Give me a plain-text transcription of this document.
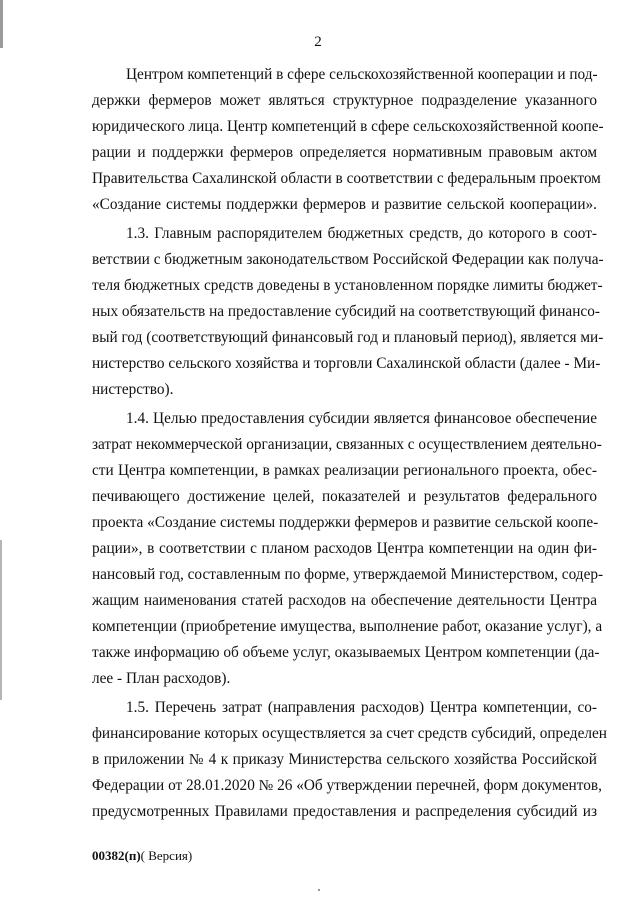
2
Центром компетенций в сфере сельскохозяйственной кооперации и под-
держки фермеров может являться структурное подразделение указанного
юридического лица. Центр компетенций в сфере сельскохозяйственной коопе-
рации и поддержки фермеров определяется нормативным правовым актом
Правительства Сахалинской области в соответствии с федеральным проектом
«Создание системы поддержки фермеров и развитие сельской кооперации».
1.3. Главным распорядителем бюджетных средств, до которого в соот-
ветствии с бюджетным законодательством Российской Федерации как получа-
теля бюджетных средств доведены в установленном порядке лимиты бюджет-
ных обязательств на предоставление субсидий на соответствующий финансо-
вый год (соответствующий финансовый год и плановый период), является ми-
нистерство сельского хозяйства и торговли Сахалинской области (далее - Ми-
нистерство).
1.4. Целью предоставления субсидии является финансовое обеспечение
затрат некоммерческой организации, связанных с осуществлением деятельно-
сти Центра компетенции, в рамках реализации регионального проекта, обес-
печивающего достижение целей, показателей и результатов федерального
проекта «Создание системы поддержки фермеров и развитие сельской коопе-
рации», в соответствии с планом расходов Центра компетенции на один фи-
нансовый год, составленным по форме, утверждаемой Министерством, содер-
жащим наименования статей расходов на обеспечение деятельности Центра
компетенции (приобретение имущества, выполнение работ, оказание услуг), а
также информацию об объеме услуг, оказываемых Центром компетенции (да-
лее - План расходов).
1.5. Перечень затрат (направления расходов) Центра компетенции, со-
финансирование которых осуществляется за счет средств субсидий, определен
в приложении № 4 к приказу Министерства сельского хозяйства Российской
Федерации от 28.01.2020 № 26 «Об утверждении перечней, форм документов,
предусмотренных Правилами предоставления и распределения субсидий из
00382(п)( Версия)
